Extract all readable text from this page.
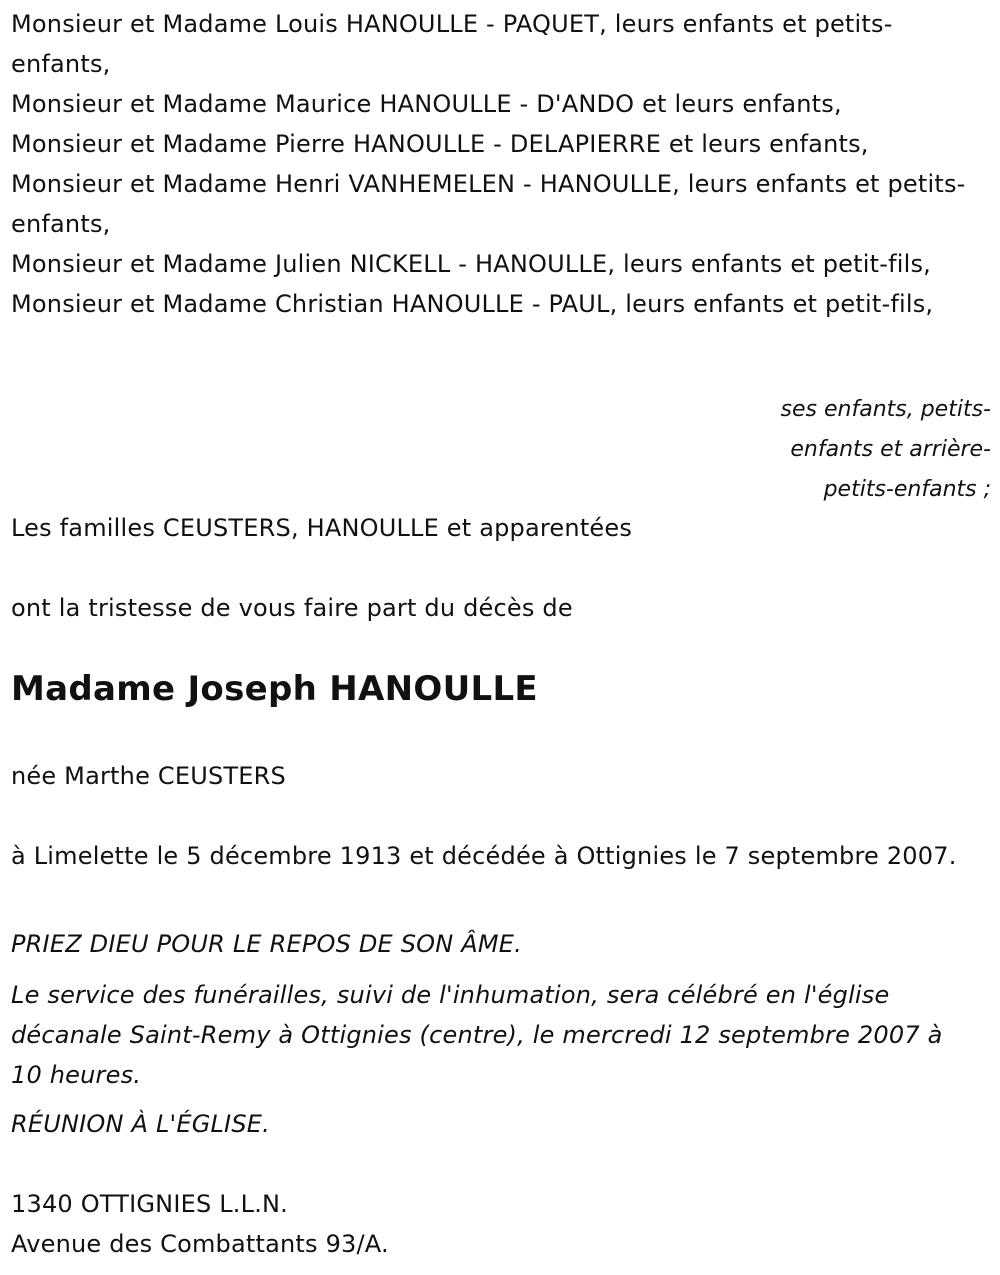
Monsieur et Madame Louis HANOULLE - PAQUET, leurs enfants et petits-enfants,

Monsieur et Madame Maurice HANOULLE - D'ANDO et leurs enfants,

Monsieur et Madame Pierre HANOULLE - DELAPIERRE et leurs enfants,

Monsieur et Madame Henri VANHEMELEN - HANOULLE, leurs enfants et petits-enfants,

Monsieur et Madame Julien NICKELL - HANOULLE, leurs enfants et petit-fils,

Monsieur et Madame Christian HANOULLE - PAUL, leurs enfants et petit-fils,

ses enfants, petits-enfants et arrière-petits-enfants ;

Les familles CEUSTERS, HANOULLE et apparentées

ont la tristesse de vous faire part du décès de

Madame Joseph HANOULLE

née Marthe CEUSTERS

à Limelette le 5 décembre 1913 et décédée à Ottignies le 7 septembre 2007.

PRIEZ DIEU POUR LE REPOS DE SON ÂME.

Le service des funérailles, suivi de l'inhumation, sera célébré en l'église décanale Saint-Remy à Ottignies (centre), le mercredi 12 septembre 2007 à 10 heures.

RÉUNION À L'ÉGLISE.

1340 OTTIGNIES L.L.N.

Avenue des Combattants 93/A.
